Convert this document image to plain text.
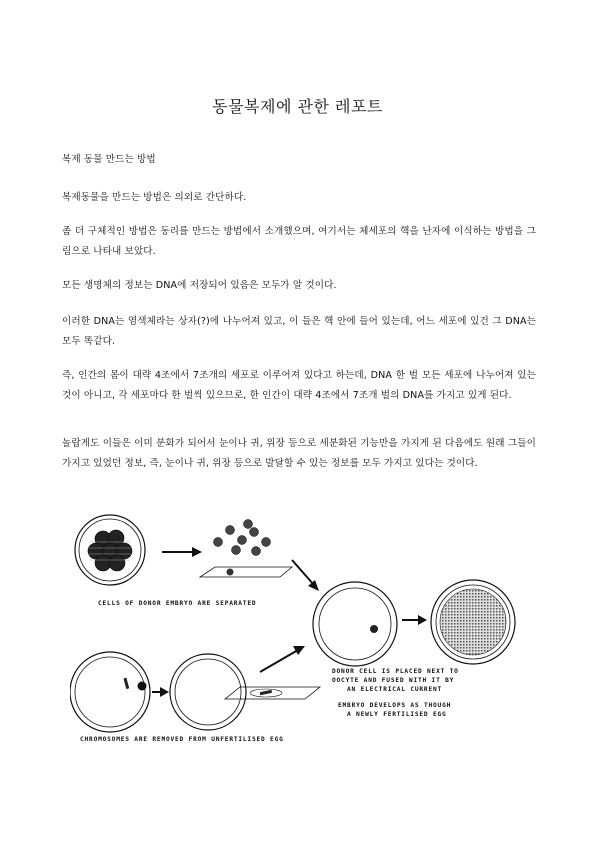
동물복제에 관한 레포트

복제 동물 만드는 방법

복제동물을 만드는 방법은 의외로 간단하다.

좀 더 구체적인 방법은 동리를 만드는 방법에서 소개했으며, 여기서는 체세포의 핵을 난자에 이식하는 방법을 그림으로 나타내 보았다.

모든 생명체의 정보는 DNA에 저장되어 있음은 모두가 알 것이다.

이러한 DNA는 염색체라는 상자(?)에 나누어져 있고, 이 들은 핵 안에 들어 있는데, 어느 세포에 있건 그 DNA는 모두 똑같다.

즉, 인간의 몸이 대략 4조에서 7조개의 세포로 이루어져 있다고 하는데, DNA 한 벌 모든 세포에 나누어져 있는 것이 아니고, 각 세포마다 한 벌씩 있으므로, 한 인간이 대략 4조에서 7조개 벌의 DNA를 가지고 있게 된다.

놀랍게도 이들은 이미 분화가 되어서 눈이나 귀, 위장 등으로 세분화된 기능만을 가지게 된 다음에도 원래 그들이 가지고 있었던 정보, 즉, 눈이나 귀, 위장 등으로 발달할 수 있는 정보를 모두 가지고 있다는 것이다.

CELLS OF DONOR EMBRYO ARE SEPARATED
CHROMOSOMES ARE REMOVED FROM UNFERTILISED EGG
DONOR CELL IS PLACED NEXT TO
OOCYTE AND FUSED WITH IT BY
AN ELECTRICAL CURRENT
EMBRYO DEVELOPS AS THOUGH
A NEWLY FERTILISED EGG
